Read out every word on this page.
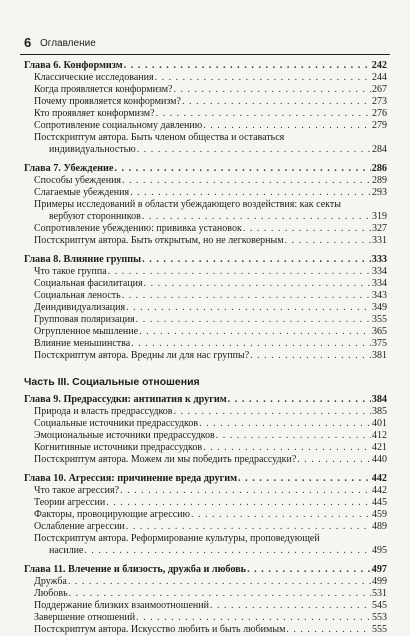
6 Оглавление
Глава 6. Конформизм . . .	242
Классические исследования . . .	244
Когда проявляется конформизм? . . .	267
Почему проявляется конформизм? . . .	273
Кто проявляет конформизм? . . .	276
Сопротивление социальному давлению . . .	279
Постскриптум автора. Быть членом общества и оставаться
индивидуальностью . . .	284
Глава 7. Убеждение . . .	286
Способы убеждения . . .	289
Слагаемые убеждения . . .	293
Примеры исследований в области убеждающего воздействия: как секты
вербуют сторонников . . .	319
Сопротивление убеждению: прививка установок . . .	327
Постскриптум автора. Быть открытым, но не легковерным . . .	331
Глава 8. Влияние группы . . .	333
Что такое группа . . .	334
Социальная фасилитация . . .	334
Социальная леность . . .	343
Деиндивидуализация . . .	349
Групповая поляризация . . .	355
Огрупленное мышление . . .	365
Влияние меньшинства . . .	375
Постскриптум автора. Вредны ли для нас группы? . . .	381
Часть III. Социальные отношения
Глава 9. Предрассудки: антипатия к другим . . .	384
Природа и власть предрассудков . . .	385
Социальные источники предрассудков . . .	401
Эмоциональные источники предрассудков . . .	412
Когнитивные источники предрассудков . . .	421
Постскриптум автора. Можем ли мы победить предрассудки? . . .	440
Глава 10. Агрессия: причинение вреда другим . . .	442
Что такое агрессия? . . .	442
Теории агрессии . . .	445
Факторы, провоцирующие агрессию . . .	459
Ослабление агрессии . . .	489
Постскриптум автора. Реформирование культуры, проповедующей
насилие . . .	495
Глава 11. Влечение и близость, дружба и любовь . . .	497
Дружба . . .	499
Любовь . . .	531
Поддержание близких взаимоотношений . . .	545
Завершение отношений . . .	553
Постскриптум автора. Искусство любить и быть любимым . . .	555
